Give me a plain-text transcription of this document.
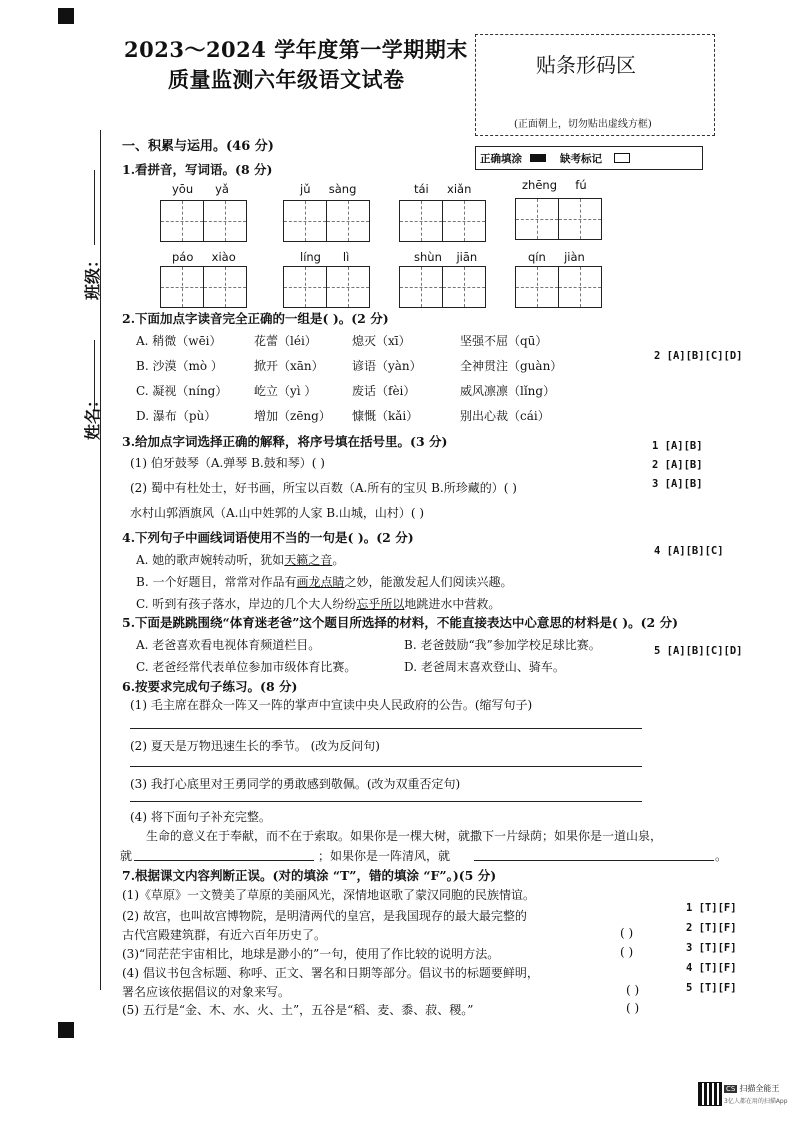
2023～2024 学年度第一学期期末
质量监测六年级语文试卷
贴条形码区
(正面朝上，切勿贴出虚线方框)
正确填涂	缺考标记
班级：
姓名：
一、积累与运用。(46 分)
1.看拼音，写词语。(8 分)
yōu yǎ	jǔ sàng	tái xiǎn	zhēng fú
páo xiào	líng lì	shùn jiān	qín jiàn
2.下面加点字读音完全正确的一组是( )。(2 分)
A. 稍微（wēi）	花蕾（léi）	熄灭（xī）	坚强不屈（qū）
B. 沙漠（mò ）	掀开（xān） 谚语（yàn）	全神贯注（guàn）
C. 凝视（níng） 屹立（yì ）	废话（fèi）	威风凛凛（lǐng）
D. 瀑布（pù）	增加（zēng） 慷慨（kǎi）	别出心裁（cái）
2 [A][B][C][D]
3.给加点字词选择正确的解释，将序号填在括号里。(3 分)
(1) 伯牙鼓琴（A.弹琴 B.鼓和琴）( )
(2) 蜀中有杜处士，好书画，所宝以百数（A.所有的宝贝 B.所珍藏的）( )
水村山郭酒旗风（A.山中姓郭的人家 B.山城，山村）( )
1 [A][B]
2 [A][B]
3 [A][B]
4.下列句子中画线词语使用不当的一句是( )。(2 分)
A. 她的歌声婉转动听，犹如天籁之音。
B. 一个好题目，常常对作品有画龙点睛之妙，能激发起人们阅读兴趣。
C. 听到有孩子落水，岸边的几个大人纷纷忘乎所以地跳进水中营救。
4 [A][B][C]
5.下面是跳跳围绕“体育迷老爸”这个题目所选择的材料，不能直接表达中心意思的材料是( )。(2 分)
A. 老爸喜欢看电视体育频道栏目。	B. 老爸鼓励“我”参加学校足球比赛。
C. 老爸经常代表单位参加市级体育比赛。	D. 老爸周末喜欢登山、骑车。
5 [A][B][C][D]
6.按要求完成句子练习。(8 分)
(1) 毛主席在群众一阵又一阵的掌声中宣读中央人民政府的公告。(缩写句子)
(2) 夏天是万物迅速生长的季节。 (改为反问句)
(3) 我打心底里对王勇同学的勇敢感到敬佩。(改为双重否定句)
(4) 将下面句子补充完整。
生命的意义在于奉献，而不在于索取。如果你是一棵大树，就撒下一片绿荫；如果你是一道山泉，
就	；如果你是一阵清风，就	。
7.根据课文内容判断正误。(对的填涂 “T”，错的填涂 “F”。)(5 分)
(1)《草原》一文赞美了草原的美丽风光，深情地讴歌了蒙汉同胞的民族情谊。
(2) 故宫，也叫故宫博物院，是明清两代的皇宫，是我国现存的最大最完整的
古代宫殿建筑群，有近六百年历史了。	( )
(3)“同茫茫宇宙相比，地球是渺小的”一句，使用了作比较的说明方法。	( )
(4) 倡议书包含标题、称呼、正文、署名和日期等部分。倡议书的标题要鲜明，
署名应该依据倡议的对象来写。	( )
(5) 五行是“金、木、水、火、土”，五谷是“稻、麦、黍、菽、稷。”	( )
1 [T][F]
2 [T][F]
3 [T][F]
4 [T][F]
5 [T][F]
CS 扫描全能王
3亿人都在用的扫描App
